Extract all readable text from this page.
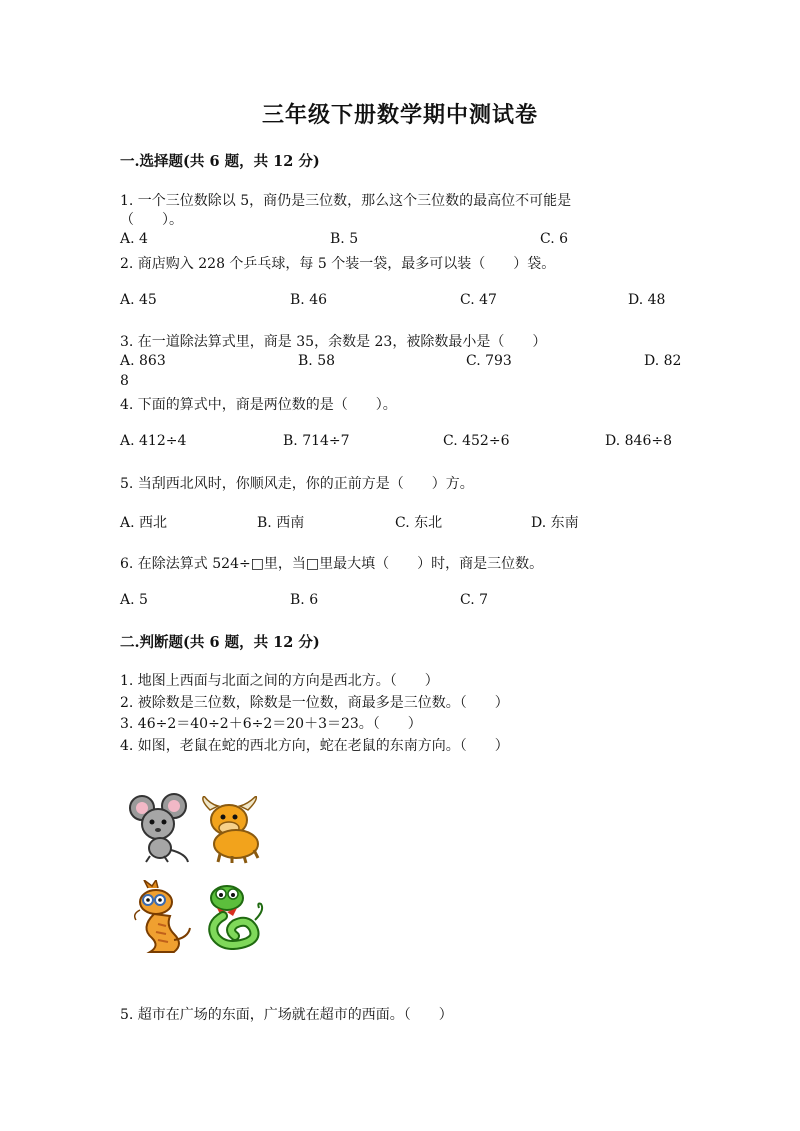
三年级下册数学期中测试卷
一.选择题(共 6 题，共 12 分)
1. 一个三位数除以 5，商仍是三位数，那么这个三位数的最高位不可能是
（　　）。
A. 4	B. 5	C. 6
2. 商店购入 228 个乒乓球，每 5 个装一袋，最多可以装（　　）袋。
A. 45	B. 46	C. 47	D. 48
3. 在一道除法算式里，商是 35，余数是 23，被除数最小是（　　）
A. 863	B. 58	C. 793	D. 82
8
4. 下面的算式中，商是两位数的是（　　）。
A. 412÷4	B. 714÷7	C. 452÷6	D. 846÷8
5. 当刮西北风时，你顺风走，你的正前方是（　　）方。
A. 西北	B. 西南	C. 东北	D. 东南
6. 在除法算式 524÷□里，当□里最大填（　　）时，商是三位数。
A. 5	B. 6	C. 7
二.判断题(共 6 题，共 12 分)
1. 地图上西面与北面之间的方向是西北方。（　　）
2. 被除数是三位数，除数是一位数，商最多是三位数。（　　）
3. 46÷2＝40÷2＋6÷2＝20＋3＝23。（　　）
4. 如图，老鼠在蛇的西北方向，蛇在老鼠的东南方向。（　　）
5. 超市在广场的东面，广场就在超市的西面。（　　）
